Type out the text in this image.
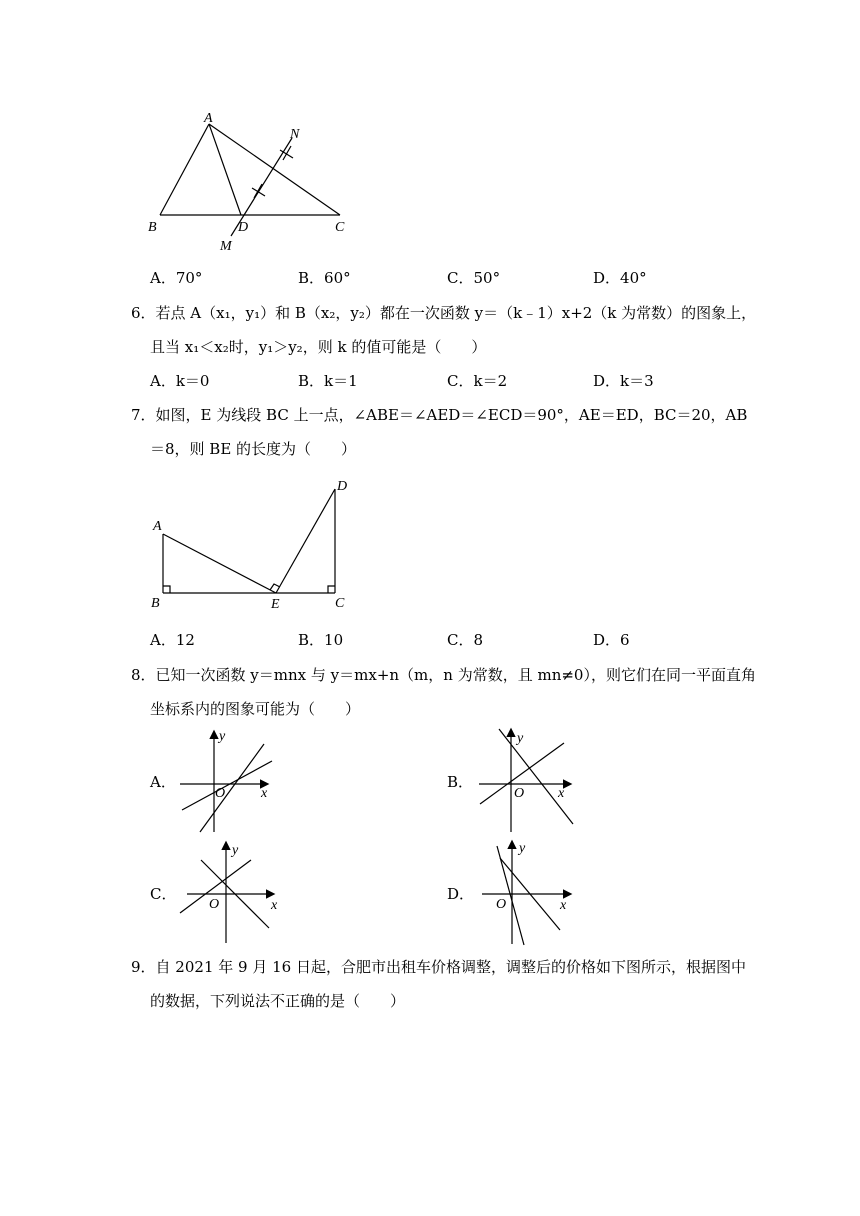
A
B	C
D
M
N
A．70°	B．60°	C．50°	D．40°
6．若点 A（x₁，y₁）和 B（x₂，y₂）都在一次函数 y＝（k﹣1）x+2（k 为常数）的图象上，
且当 x₁＜x₂时，y₁＞y₂，则 k 的值可能是（　　）
A．k＝0	B．k＝1	C．k＝2	D．k＝3
7．如图，E 为线段 BC 上一点，∠ABE＝∠AED＝∠ECD＝90°，AE＝ED，BC＝20，AB
＝8，则 BE 的长度为（　　）
A
B	C
D
E
A．12	B．10	C．8	D．6
8．已知一次函数 y＝mnx 与 y＝mx+n（m，n 为常数，且 mn≠0），则它们在同一平面直角
坐标系内的图象可能为（　　）
A．
y
x
O
B．
y
x
O
C．
y
x
O
D．
y
x
O
9．自 2021 年 9 月 16 日起，合肥市出租车价格调整，调整后的价格如下图所示，根据图中
的数据，下列说法不正确的是（　　）
